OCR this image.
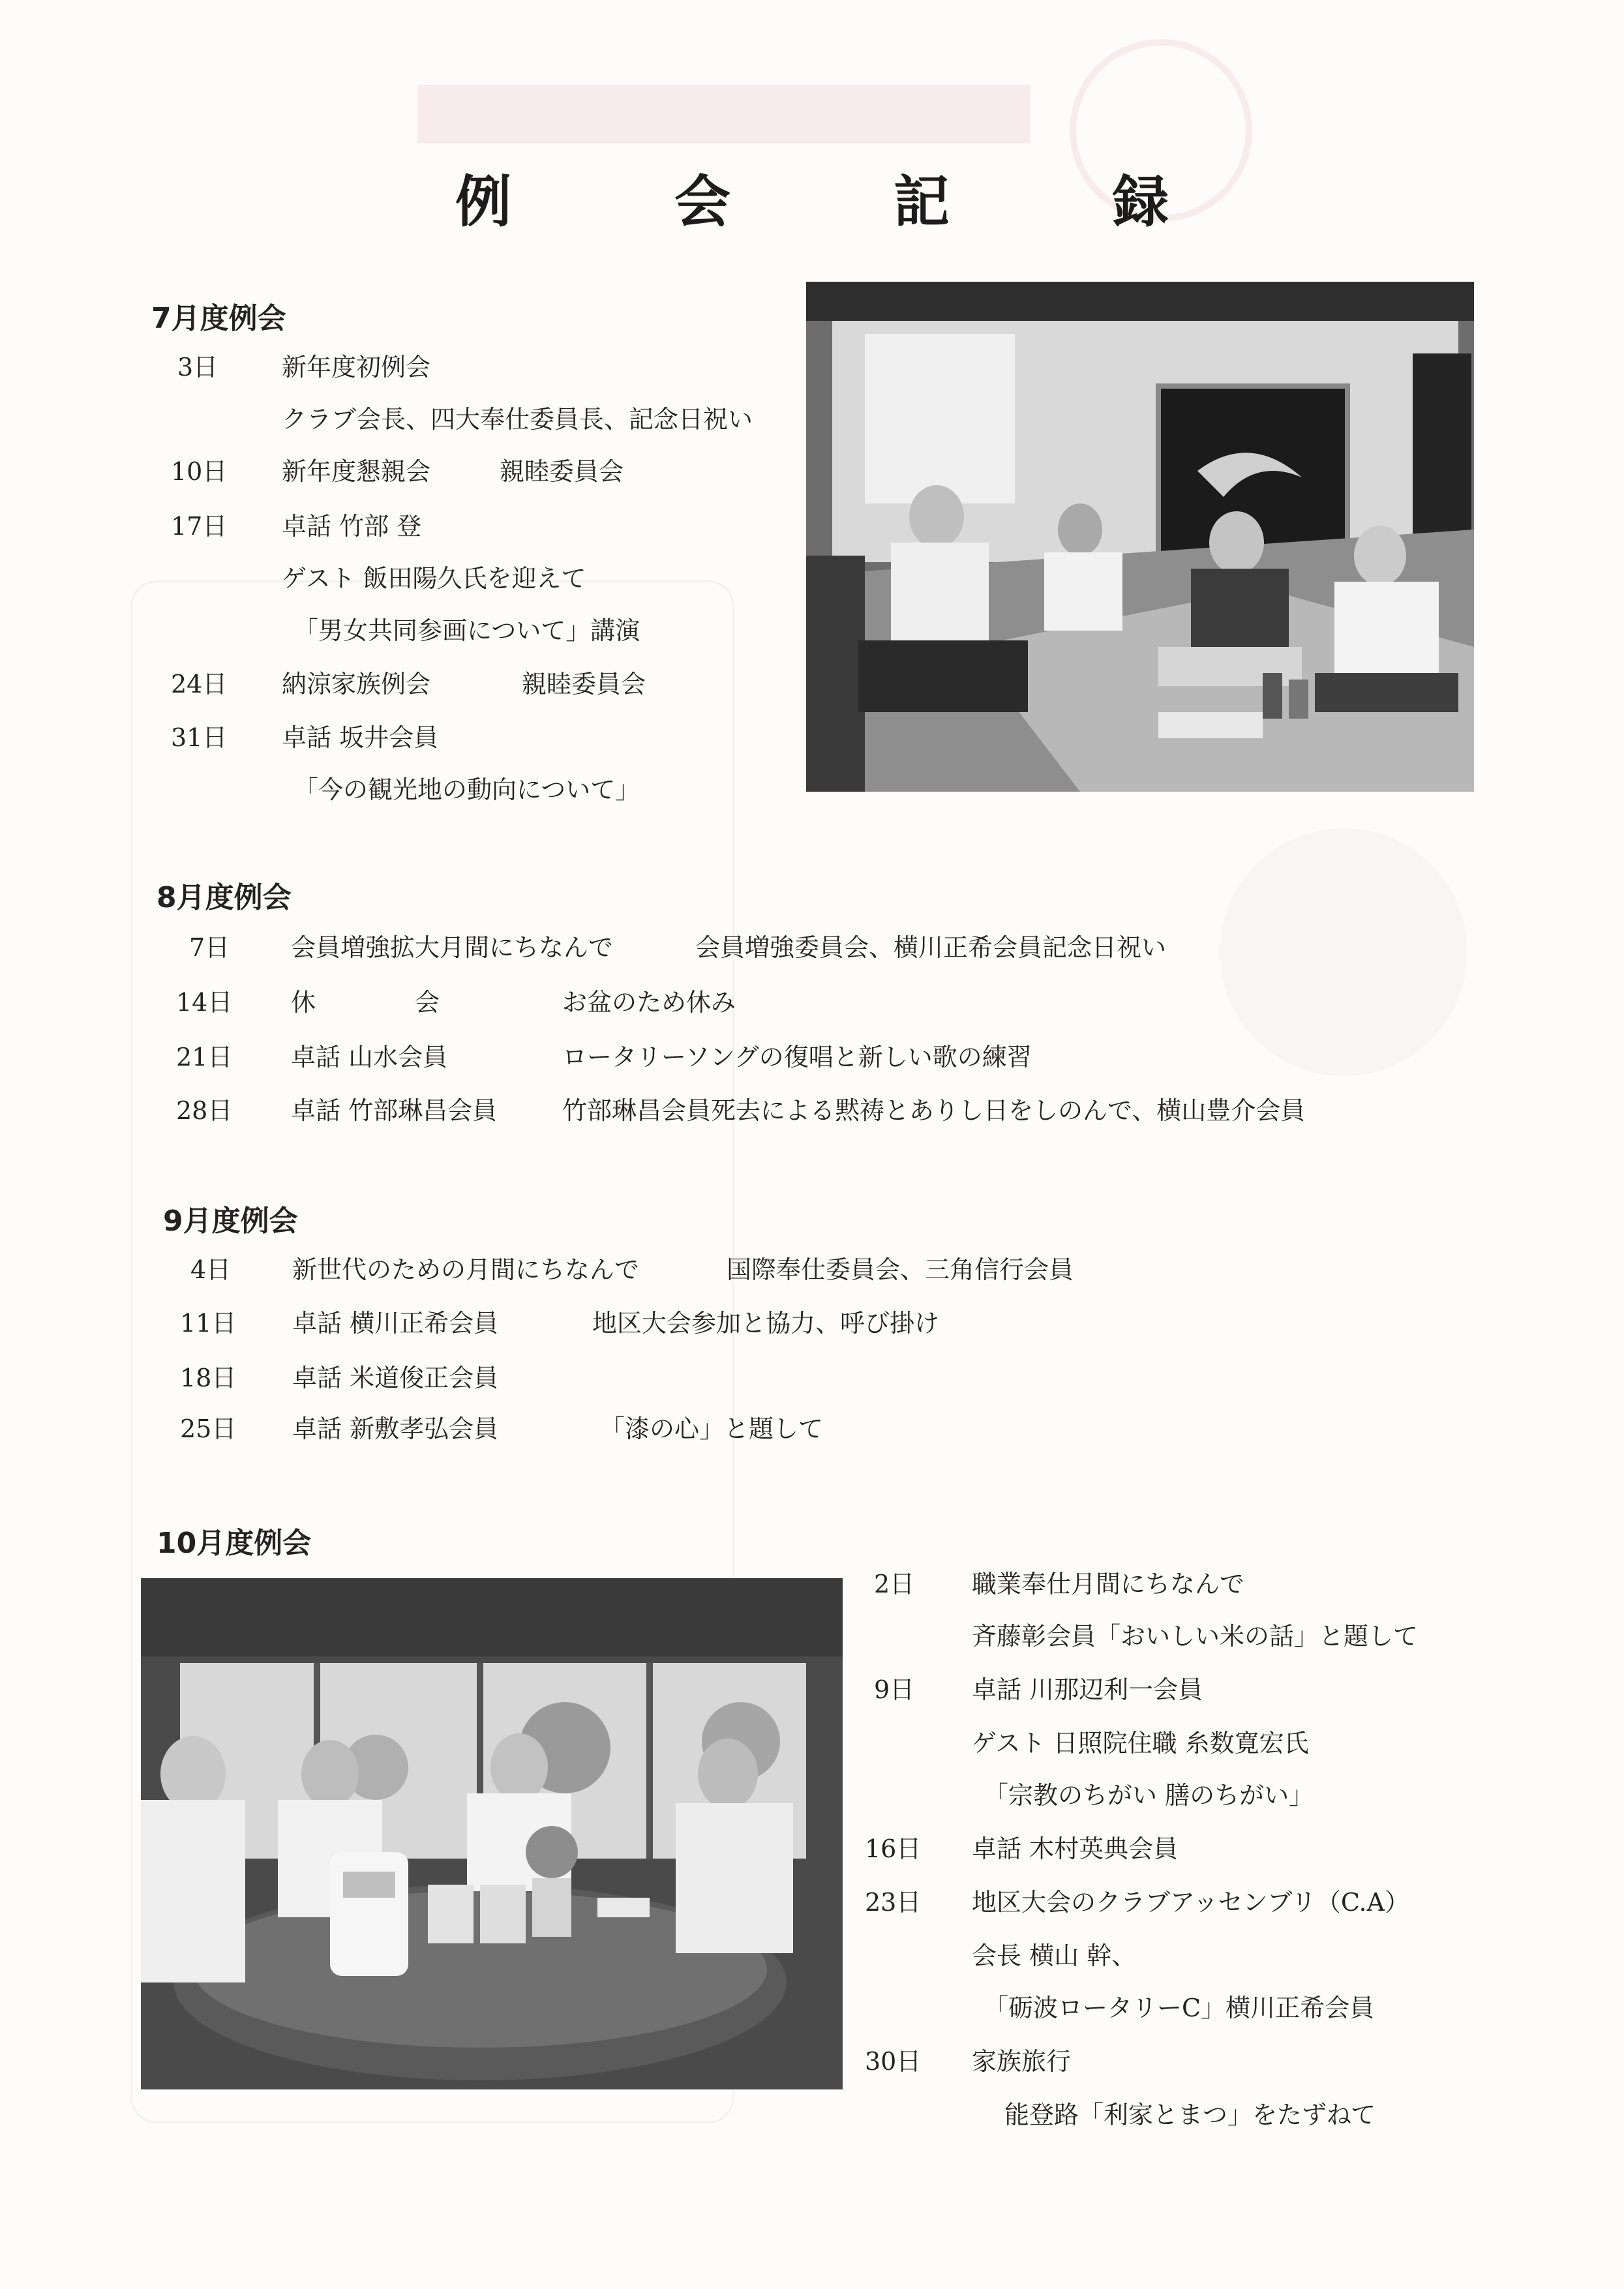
例 会 記 録
7月度例会
3日	新年度初例会
クラブ会長、四大奉仕委員長、記念日祝い
10日 新年度懇親会	親睦委員会
17日 卓話 竹部 登
ゲスト 飯田陽久氏を迎えて
「男女共同参画について」講演
24日 納涼家族例会	親睦委員会
31日 卓話 坂井会員
「今の観光地の動向について」
8月度例会
7日 会員増強拡大月間にちなんで	会員増強委員会、横川正希会員記念日祝い
14日 休　　　　会	お盆のため休み
21日 卓話 山水会員	ロータリーソングの復唱と新しい歌の練習
28日 卓話 竹部琳昌会員	竹部琳昌会員死去による黙祷とありし日をしのんで、横山豊介会員
9月度例会
4日 新世代のための月間にちなんで	国際奉仕委員会、三角信行会員
11日 卓話 横川正希会員	地区大会参加と協力、呼び掛け
18日 卓話 米道俊正会員
25日 卓話 新敷孝弘会員	「漆の心」と題して
10月度例会
2日 職業奉仕月間にちなんで
斉藤彰会員「おいしい米の話」と題して
9日 卓話 川那辺利一会員
ゲスト 日照院住職 糸数寛宏氏
「宗教のちがい 膳のちがい」
16日 卓話 木村英典会員
23日 地区大会のクラブアッセンブリ（C.A）
会長 横山 幹、
「砺波ロータリーC」横川正希会員
30日 家族旅行
能登路「利家とまつ」をたずねて
